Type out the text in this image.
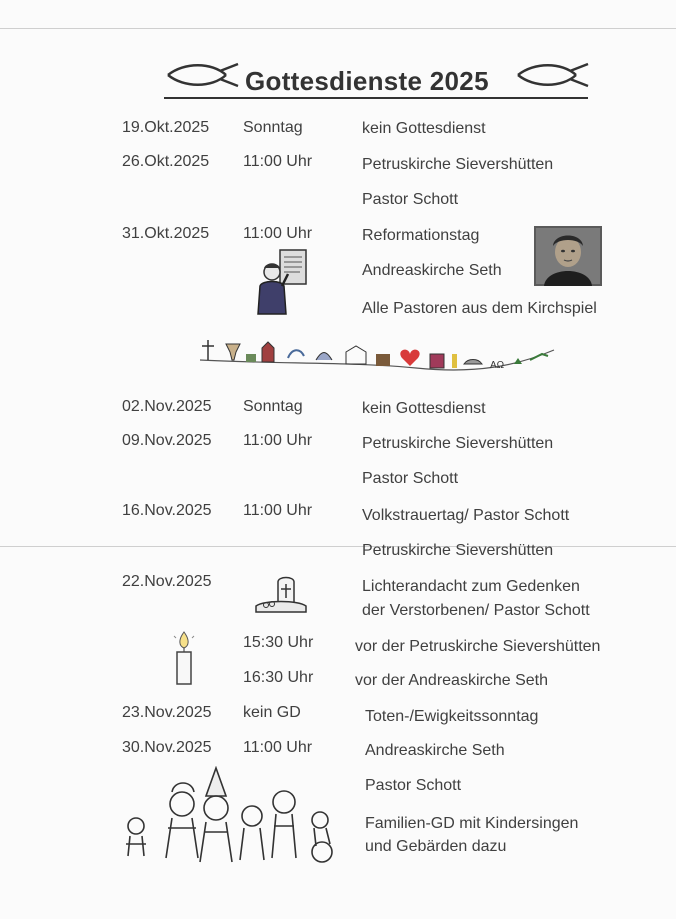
Gottesdienste 2025
19.Okt.2025 Sonntag	kein Gottesdienst
26.Okt.2025 11:00 Uhr	Petruskirche Sievershütten
Pastor Schott
31.Okt.2025 11:00 Uhr	Reformationstag
Andreaskirche Seth
Alle Pastoren aus dem Kirchspiel
AΩ
02.Nov.2025 Sonntag	kein Gottesdienst
09.Nov.2025 11:00 Uhr	Petruskirche Sievershütten
Pastor Schott
16.Nov.2025 11:00 Uhr	Volkstrauertag/ Pastor Schott
Petruskirche Sievershütten
22.Nov.2025	Lichterandacht zum Gedenken
der Verstorbenen/ Pastor Schott
15:30 Uhr	vor der Petruskirche Sievershütten
16:30 Uhr	vor der Andreaskirche Seth
23.Nov.2025 kein GD	Toten-/Ewigkeitssonntag
30.Nov.2025 11:00 Uhr	Andreaskirche Seth
Pastor Schott
Familien-GD mit Kindersingen
und Gebärden dazu
